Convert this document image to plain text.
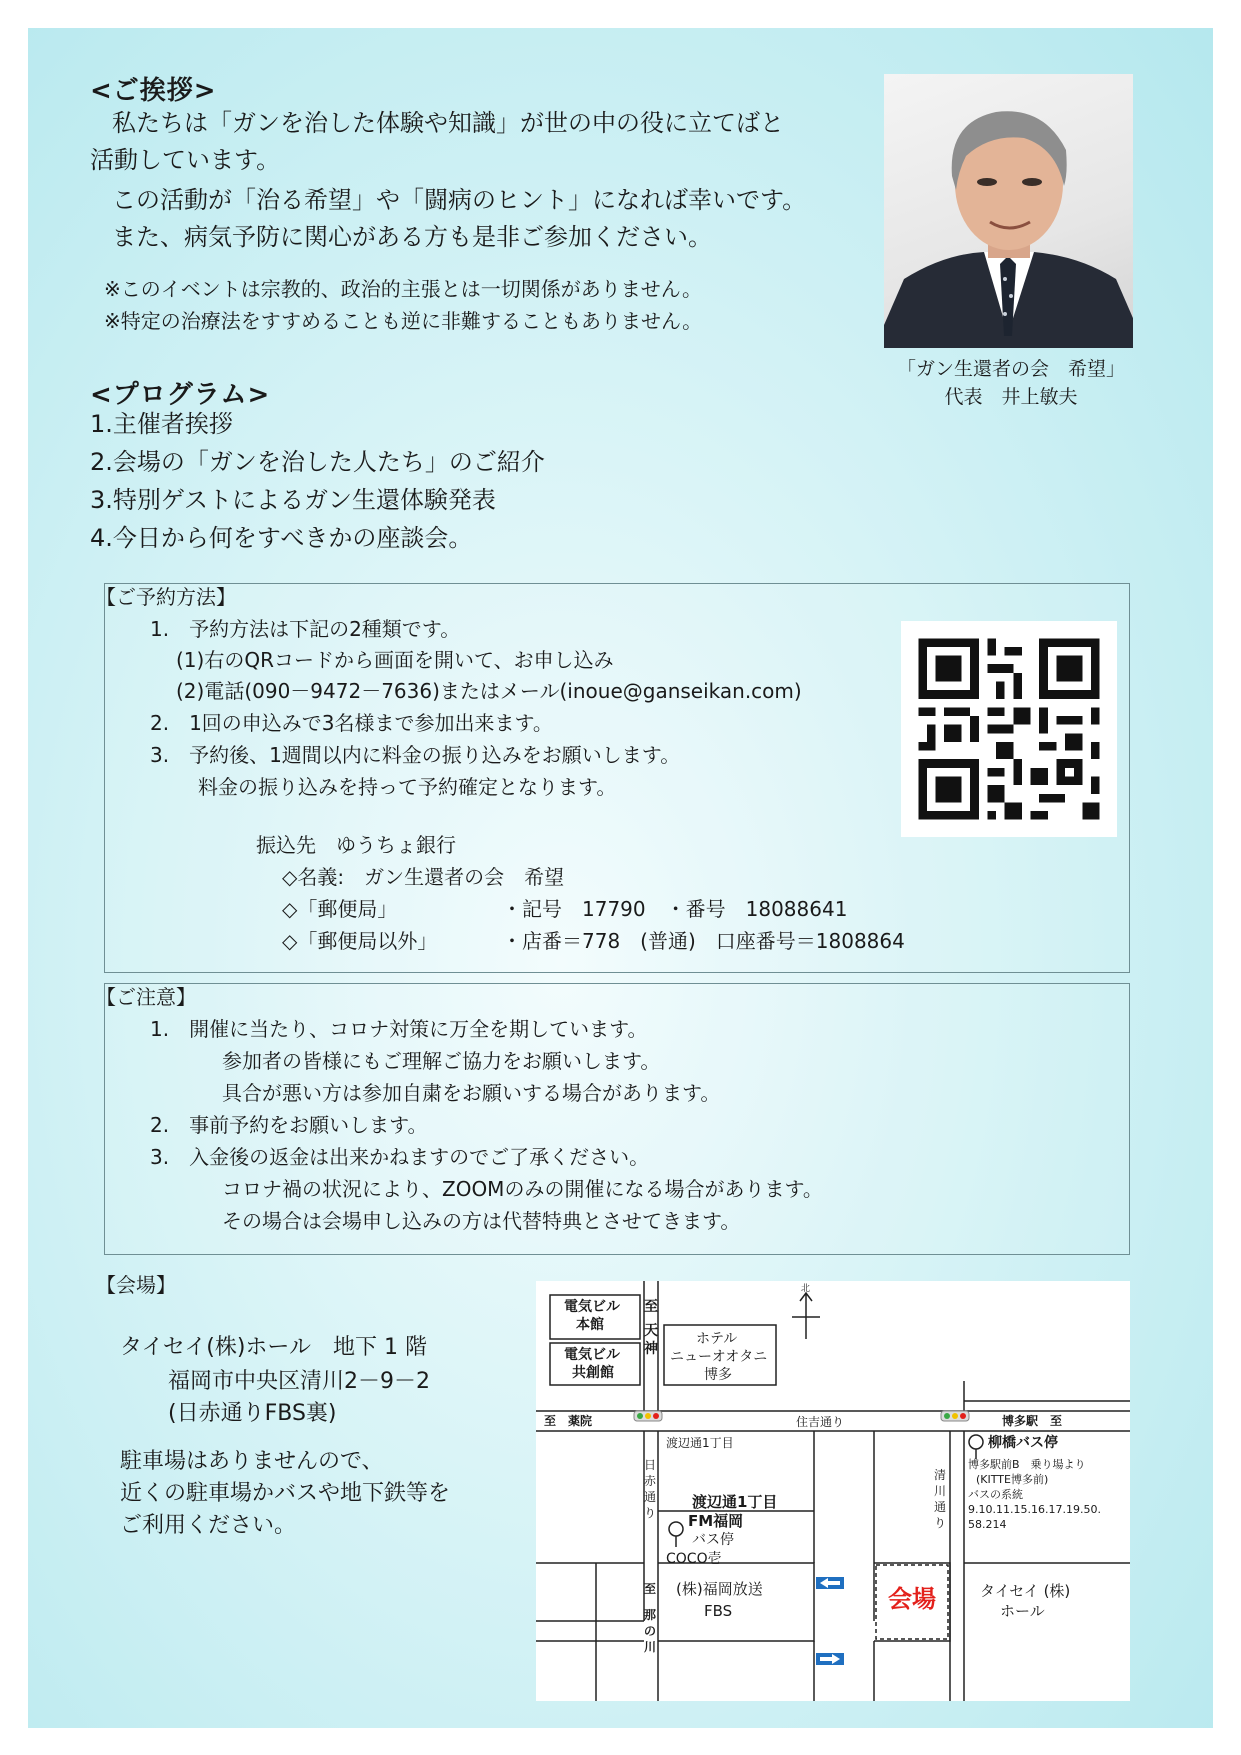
<ご挨拶>
私たちは「ガンを治した体験や知識」が世の中の役に立てばと
活動しています。
この活動が「治る希望」や「闘病のヒント」になれば幸いです。
また、病気予防に関心がある方も是非ご参加ください。
※このイベントは宗教的、政治的主張とは一切関係がありません。
※特定の治療法をすすめることも逆に非難することもありません。
「ガン生還者の会　希望」
代表　井上敏夫
<プログラム>
1.主催者挨拶
2.会場の「ガンを治した人たち」のご紹介
3.特別ゲストによるガン生還体験発表
4.今日から何をすべきかの座談会。
【ご予約方法】
1.　予約方法は下記の2種類です。
(1)右のQRコードから画面を開いて、お申し込み
(2)電話(090－9472－7636)またはメール(inoue@ganseikan.com)
2.　1回の申込みで3名様まで参加出来ます。
3.　予約後、1週間以内に料金の振り込みをお願いします。
料金の振り込みを持って予約確定となります。
振込先　ゆうちょ銀行
◇名義:　ガン生還者の会　希望
◇「郵便局」	・記号　17790　・番号　18088641
◇「郵便局以外」	・店番＝778　(普通)　口座番号＝1808864
【ご注意】
1.　開催に当たり、コロナ対策に万全を期しています。
参加者の皆様にもご理解ご協力をお願いします。
具合が悪い方は参加自粛をお願いする場合があります。
2.　事前予約をお願いします。
3.　入金後の返金は出来かねますのでご了承ください。
コロナ禍の状況により、ZOOMのみの開催になる場合があります。
その場合は会場申し込みの方は代替特典とさせてきます。
【会場】
タイセイ(株)ホール　地下 1 階
福岡市中央区清川2－9－2
(日赤通りFBS裏)
駐車場はありませんので、
近くの駐車場かバスや地下鉄等を
ご利用ください。
電気ビル
本館
電気ビル
共創館
至
天
神
ホテル
ニューオオタニ
博多
北
至　薬院	住吉通り	博多駅　至
渡辺通1丁目
日
赤
通
り
清
川
通
り
柳橋バス停
博多駅前B　乗り場より
(KITTE博多前)
バスの系統
9.10.11.15.16.17.19.50.
58.214
渡辺通1丁目
FM福岡
バス停
COCO壱
至
那
の
川
(株)福岡放送
FBS	会場	タイセイ (株)
ホール
